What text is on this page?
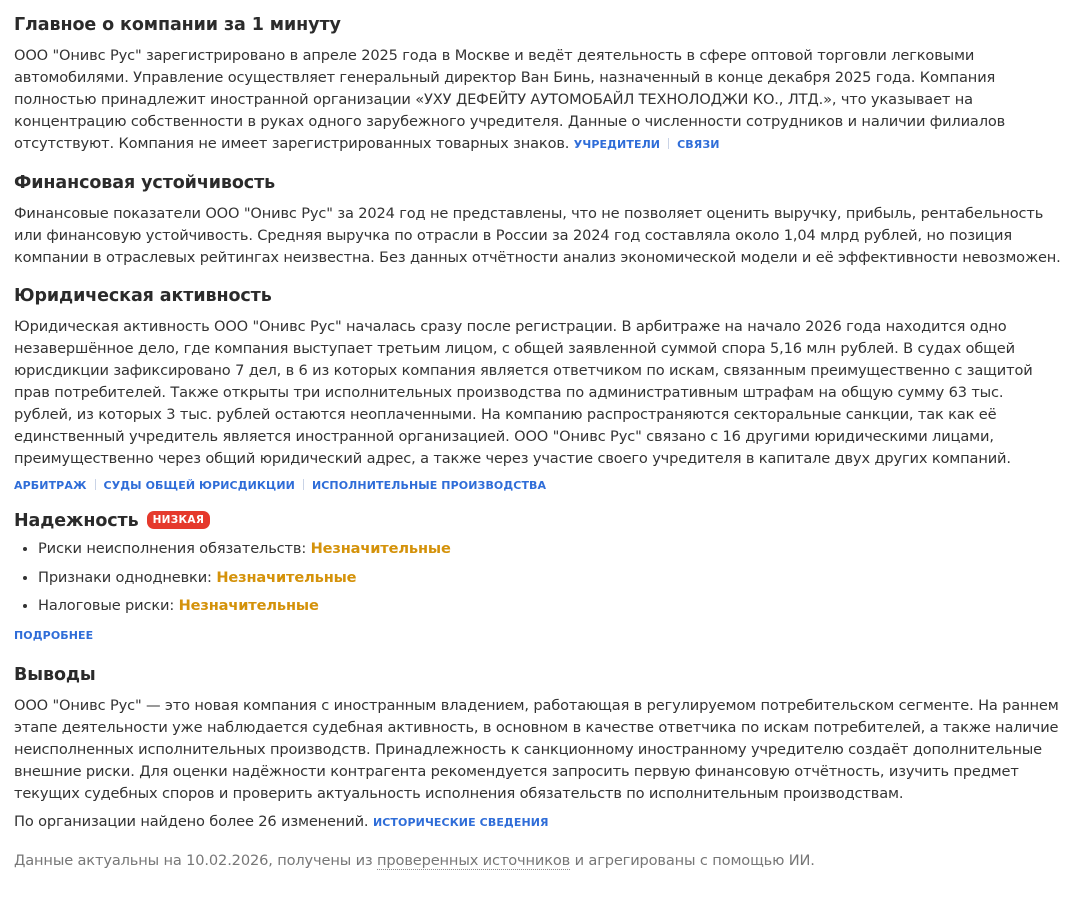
Главное о компании за 1 минуту

ООО "Онивс Рус" зарегистрировано в апреле 2025 года в Москве и ведёт деятельность в сфере оптовой торговли легковыми автомобилями. Управление осуществляет генеральный директор Ван Бинь, назначенный в конце декабря 2025 года. Компания полностью принадлежит иностранной организации «УХУ ДЕФЕЙТУ АУТОМОБАЙЛ ТЕХНОЛОДЖИ КО., ЛТД.», что указывает на концентрацию собственности в руках одного зарубежного учредителя. Данные о численности сотрудников и наличии филиалов отсутствуют. Компания не имеет зарегистрированных товарных знаков. УЧРЕДИТЕЛИ СВЯЗИ

Финансовая устойчивость

Финансовые показатели ООО "Онивс Рус" за 2024 год не представлены, что не позволяет оценить выручку, прибыль, рентабельность или финансовую устойчивость. Средняя выручка по отрасли в России за 2024 год составляла около 1,04 млрд рублей, но позиция компании в отраслевых рейтингах неизвестна. Без данных отчётности анализ экономической модели и её эффективности невозможен.

Юридическая активность

Юридическая активность ООО "Онивс Рус" началась сразу после регистрации. В арбитраже на начало 2026 года находится одно незавершённое дело, где компания выступает третьим лицом, с общей заявленной суммой спора 5,16 млн рублей. В судах общей юрисдикции зафиксировано 7 дел, в 6 из которых компания является ответчиком по искам, связанным преимущественно с защитой прав потребителей. Также открыты три исполнительных производства по административным штрафам на общую сумму 63 тыс. рублей, из которых 3 тыс. рублей остаются неоплаченными. На компанию распространяются секторальные санкции, так как её единственный учредитель является иностранной организацией. ООО "Онивс Рус" связано с 16 другими юридическими лицами, преимущественно через общий юридический адрес, а также через участие своего учредителя в капитале двух других компаний.

АРБИТРАЖ СУДЫ ОБЩЕЙ ЮРИСДИКЦИИ ИСПОЛНИТЕЛЬНЫЕ ПРОИЗВОДСТВА
Надежность НИЗКАЯ
• Риски неисполнения обязательств: Незначительные
• Признаки однодневки: Незначительные
• Налоговые риски: Незначительные
ПОДРОБНЕЕ
Выводы

ООО "Онивс Рус" — это новая компания с иностранным владением, работающая в регулируемом потребительском сегменте. На раннем этапе деятельности уже наблюдается судебная активность, в основном в качестве ответчика по искам потребителей, а также наличие неисполненных исполнительных производств. Принадлежность к санкционному иностранному учредителю создаёт дополнительные внешние риски. Для оценки надёжности контрагента рекомендуется запросить первую финансовую отчётность, изучить предмет текущих судебных споров и проверить актуальность исполнения обязательств по исполнительным производствам.

По организации найдено более 26 изменений. ИСТОРИЧЕСКИЕ СВЕДЕНИЯ

Данные актуальны на 10.02.2026, получены из проверенных источников и агрегированы с помощью ИИ.
